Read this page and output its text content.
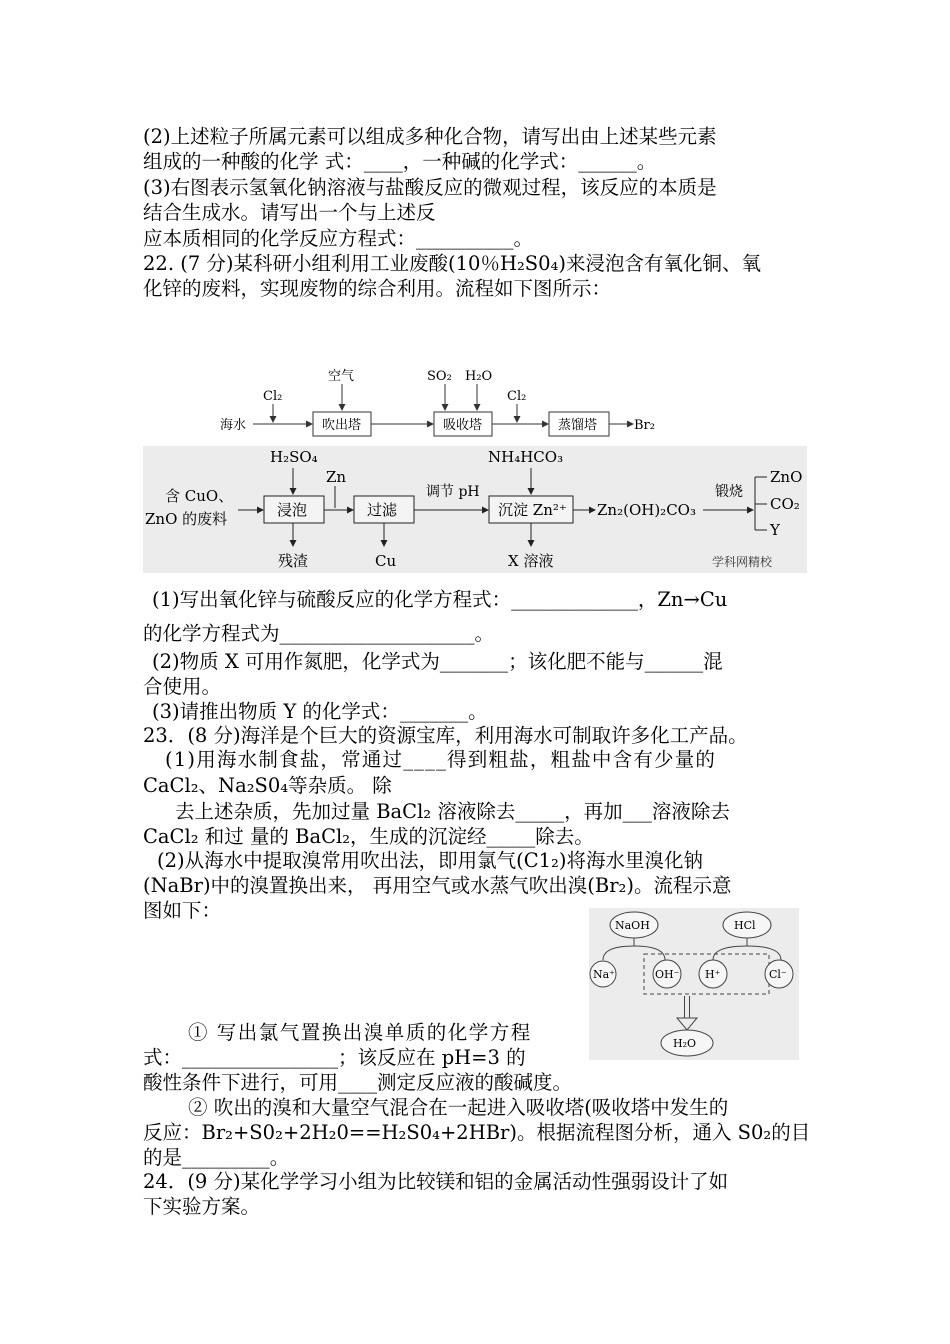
(2)上述粒子所属元素可以组成多种化合物，请写出由上述某些元素
组成的一种酸的化学 式：____，一种碱的化学式：______。
(3)右图表示氢氧化钠溶液与盐酸反应的微观过程，该反应的本质是
结合生成水。请写出一个与上述反
应本质相同的化学反应方程式：__________。
22. (7 分)某科研小组利用工业废酸(10％H₂S0₄)来浸泡含有氧化铜、氧
化锌的废料，实现废物的综合利用。流程如下图所示：
海水	吹出塔	吸收塔	蒸馏塔	Br₂
Cl₂
空气	SO₂ H₂O
Cl₂
含 CuO、
ZnO 的废料	浸泡
H₂SO₄
残渣
过滤
Zn
Cu
调节 pH
沉淀 Zn²⁺
NH₄HCO₃
X 溶液
Zn₂(OH)₂CO₃
锻烧
ZnO
CO₂
Y
学科网精校
(1)写出氧化锌与硫酸反应的化学方程式：_____________，Zn→Cu
的化学方程式为____________________。
(2)物质 X 可用作氮肥，化学式为_______；该化肥不能与______混
合使用。
(3)请推出物质 Y 的化学式：_______。
23．(8 分)海洋是个巨大的资源宝库，利用海水可制取许多化工产品。
(1)用海水制食盐，常通过____得到粗盐，粗盐中含有少量的
CaCl₂、Na₂S0₄等杂质。 除
去上述杂质，先加过量 BaCl₂ 溶液除去_____，再加___溶液除去
CaCl₂ 和过 量的 BaCl₂，生成的沉淀经_____除去。
(2)从海水中提取溴常用吹出法，即用氯气(C1₂)将海水里溴化钠
(NaBr)中的溴置换出来， 再用空气或水蒸气吹出溴(Br₂)。流程示意
图如下：
NaOH	HCl
Na⁺	OH⁻ H⁺	Cl⁻
H₂O
① 写出氯气置换出溴单质的化学方程
式：________________；该反应在 pH=3 的
酸性条件下进行，可用____测定反应液的酸碱度。
② 吹出的溴和大量空气混合在一起进入吸收塔(吸收塔中发生的
反应：Br₂+S0₂+2H₂0==H₂S0₄+2HBr)。根据流程图分析，通入 S0₂的目
的是_________。
24．(9 分)某化学学习小组为比较镁和铝的金属活动性强弱设计了如
下实验方案。
